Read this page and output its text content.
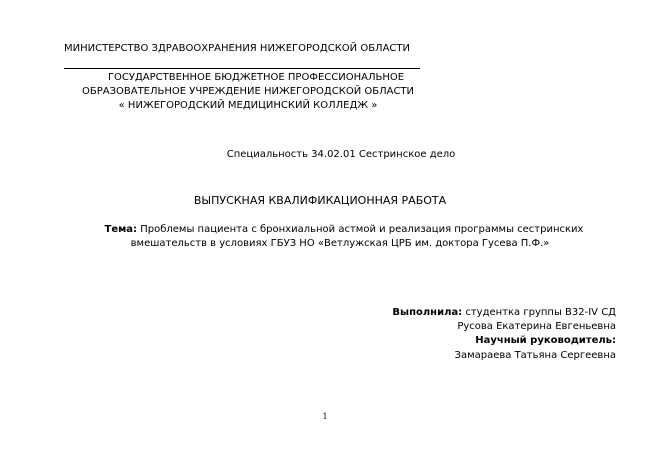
МИНИСТЕРСТВО ЗДРАВООХРАНЕНИЯ НИЖЕГОРОДСКОЙ ОБЛАСТИ
ГОСУДАРСТВЕННОЕ БЮДЖЕТНОЕ ПРОФЕССИОНАЛЬНОЕ
ОБРАЗОВАТЕЛЬНОЕ УЧРЕЖДЕНИЕ НИЖЕГОРОДСКОЙ ОБЛАСТИ
« НИЖЕГОРОДСКИЙ МЕДИЦИНСКИЙ КОЛЛЕДЖ »
Специальность 34.02.01 Сестринское дело
ВЫПУСКНАЯ КВАЛИФИКАЦИОННАЯ РАБОТА
Тема: Проблемы пациента с бронхиальной астмой и реализация программы сестринских
вмешательств в условиях ГБУЗ НО «Ветлужская ЦРБ им. доктора Гусева П.Ф.»
Выполнила: студентка группы В32-IV СД
Русова Екатерина Евгеньевна
Научный руководитель:
Замараева Татьяна Сергеевна
1
